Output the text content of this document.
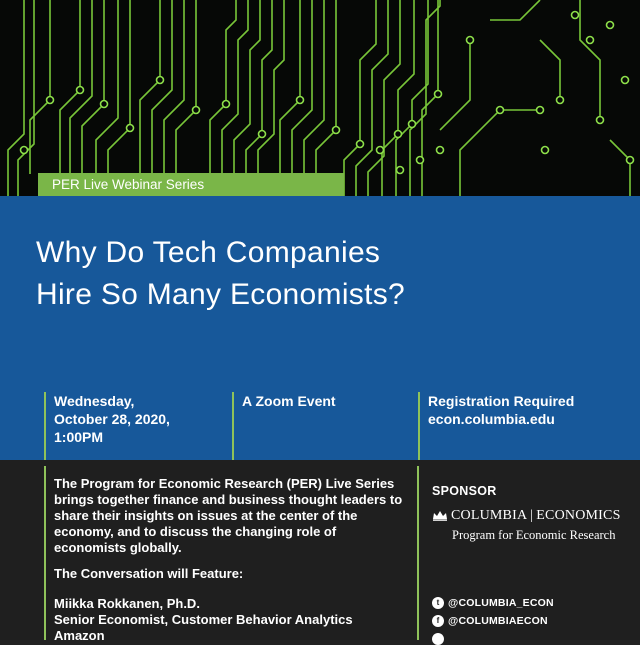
PER Live Webinar Series
Why Do Tech Companies
Hire So Many Economists?
Wednesday,
October 28, 2020,
1:00PM
A Zoom Event	Registration Required
econ.columbia.edu

The Program for Economic Research (PER) Live Series brings together finance and business thought leaders to share their insights on issues at the center of the economy, and to discuss the changing role of economists globally.

The Conversation will Feature:

Miikka Rokkanen, Ph.D.

Senior Economist, Customer Behavior Analytics

Amazon

SPONSOR
COLUMBIA | ECONOMICS
Program for Economic Research
t @COLUMBIA_ECON
f @COLUMBIAECON
